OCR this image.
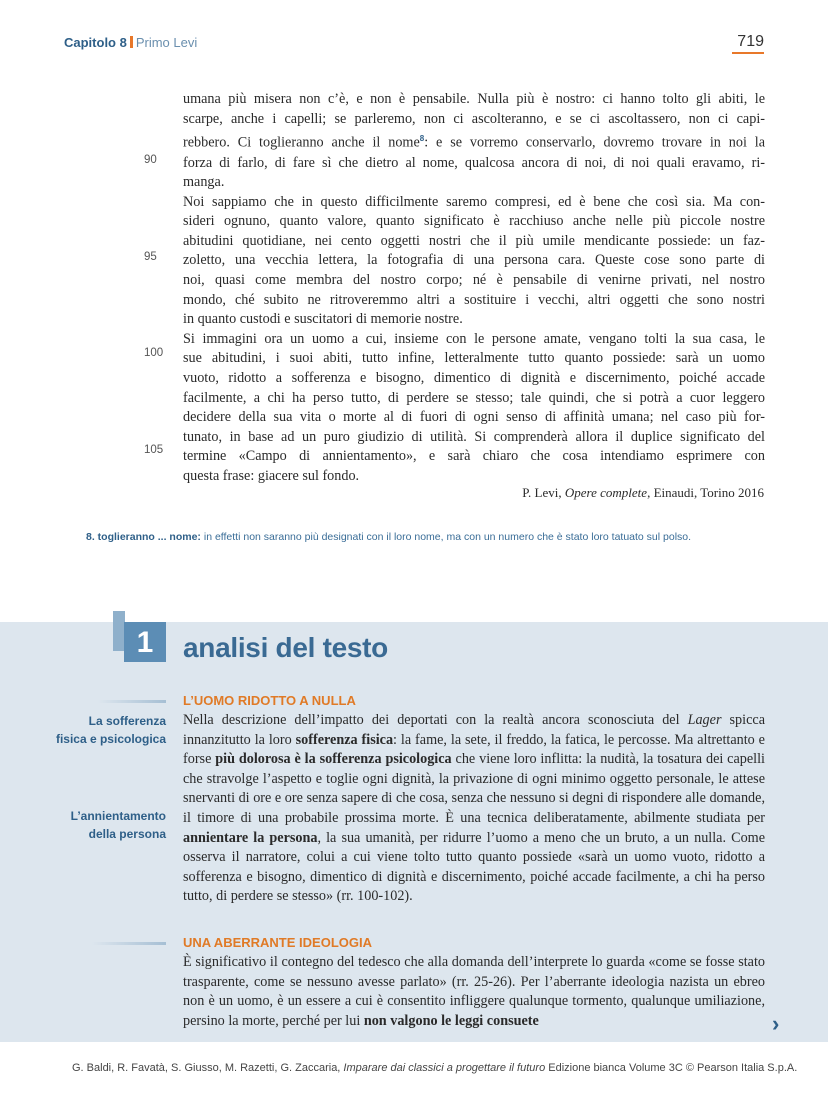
Capitolo 8 Primo Levi	719
umana più misera non c’è, e non è pensabile. Nulla più è nostro: ci hanno tolto gli abiti, le
scarpe, anche i capelli; se parleremo, non ci ascolteranno, e se ci ascoltassero, non ci capi-
rebbero. Ci toglieranno anche il nome$^8$: e se vorremo conservarlo, dovremo trovare in noi la
forza di farlo, di fare sì che dietro al nome, qualcosa ancora di noi, di noi quali eravamo, ri-
manga.
Noi sappiamo che in questo difficilmente saremo compresi, ed è bene che così sia. Ma con-
sideri ognuno, quanto valore, quanto significato è racchiuso anche nelle più piccole nostre
abitudini quotidiane, nei cento oggetti nostri che il più umile mendicante possiede: un faz-
zoletto, una vecchia lettera, la fotografia di una persona cara. Queste cose sono parte di
noi, quasi come membra del nostro corpo; né è pensabile di venirne privati, nel nostro
mondo, ché subito ne ritroveremmo altri a sostituire i vecchi, altri oggetti che sono nostri
in quanto custodi e suscitatori di memorie nostre.
Si immagini ora un uomo a cui, insieme con le persone amate, vengano tolti la sua casa, le
sue abitudini, i suoi abiti, tutto infine, letteralmente tutto quanto possiede: sarà un uomo
vuoto, ridotto a sofferenza e bisogno, dimentico di dignità e discernimento, poiché accade
facilmente, a chi ha perso tutto, di perdere se stesso; tale quindi, che si potrà a cuor leggero
decidere della sua vita o morte al di fuori di ogni senso di affinità umana; nel caso più for-
tunato, in base ad un puro giudizio di utilità. Si comprenderà allora il duplice significato del
termine «Campo di annientamento», e sarà chiaro che cosa intendiamo esprimere con
questa frase: giacere sul fondo.
90
95
100
105
P. Levi, Opere complete, Einaudi, Torino 2016
8. toglieranno ... nome: in effetti non saranno più designati con il loro nome, ma con un numero che è stato loro tatuato sul polso.
1	analisi del testo
L’UOMO RIDOTTO A NULLA
La sofferenza
fisica e psicologica
L’annientamento
della persona
Nella descrizione dell’impatto dei deportati con la realtà ancora sconosciuta del Lager spicca innanzitutto la loro sofferenza fisica: la fame, la sete, il freddo, la fatica, le percosse. Ma altrettanto e forse più dolorosa è la sofferenza psicologica che viene loro inflitta: la nudità, la tosatura dei capelli che stravolge l’aspetto e toglie ogni dignità, la privazione di ogni minimo oggetto personale, le attese snervanti di ore e ore senza sapere di che cosa, senza che nessuno si degni di rispondere alle domande, il timore di una probabile prossima morte. È una tecnica deliberatamente, abilmente studiata per annientare la persona, la sua umanità, per ridurre l’uomo a meno che un bruto, a un nulla. Come osserva il narratore, colui a cui viene tolto tutto quanto possiede «sarà un uomo vuoto, ridotto a sofferenza e bisogno, dimentico di dignità e discernimento, poiché accade facilmente, a chi ha perso tutto, di perdere se stesso» (rr. 100-102).
UNA ABERRANTE IDEOLOGIA
È significativo il contegno del tedesco che alla domanda dell’interprete lo guarda «come se fosse stato trasparente, come se nessuno avesse parlato» (rr. 25-26). Per l’aberrante ideologia nazista un ebreo non è un uomo, è un essere a cui è consentito infliggere qualunque tormento, qualunque umiliazione, persino la morte, perché per lui non valgono le leggi consuete	›
G. Baldi, R. Favatà, S. Giusso, M. Razetti, G. Zaccaria, Imparare dai classici a progettare il futuro Edizione bianca Volume 3C © Pearson Italia S.p.A.
